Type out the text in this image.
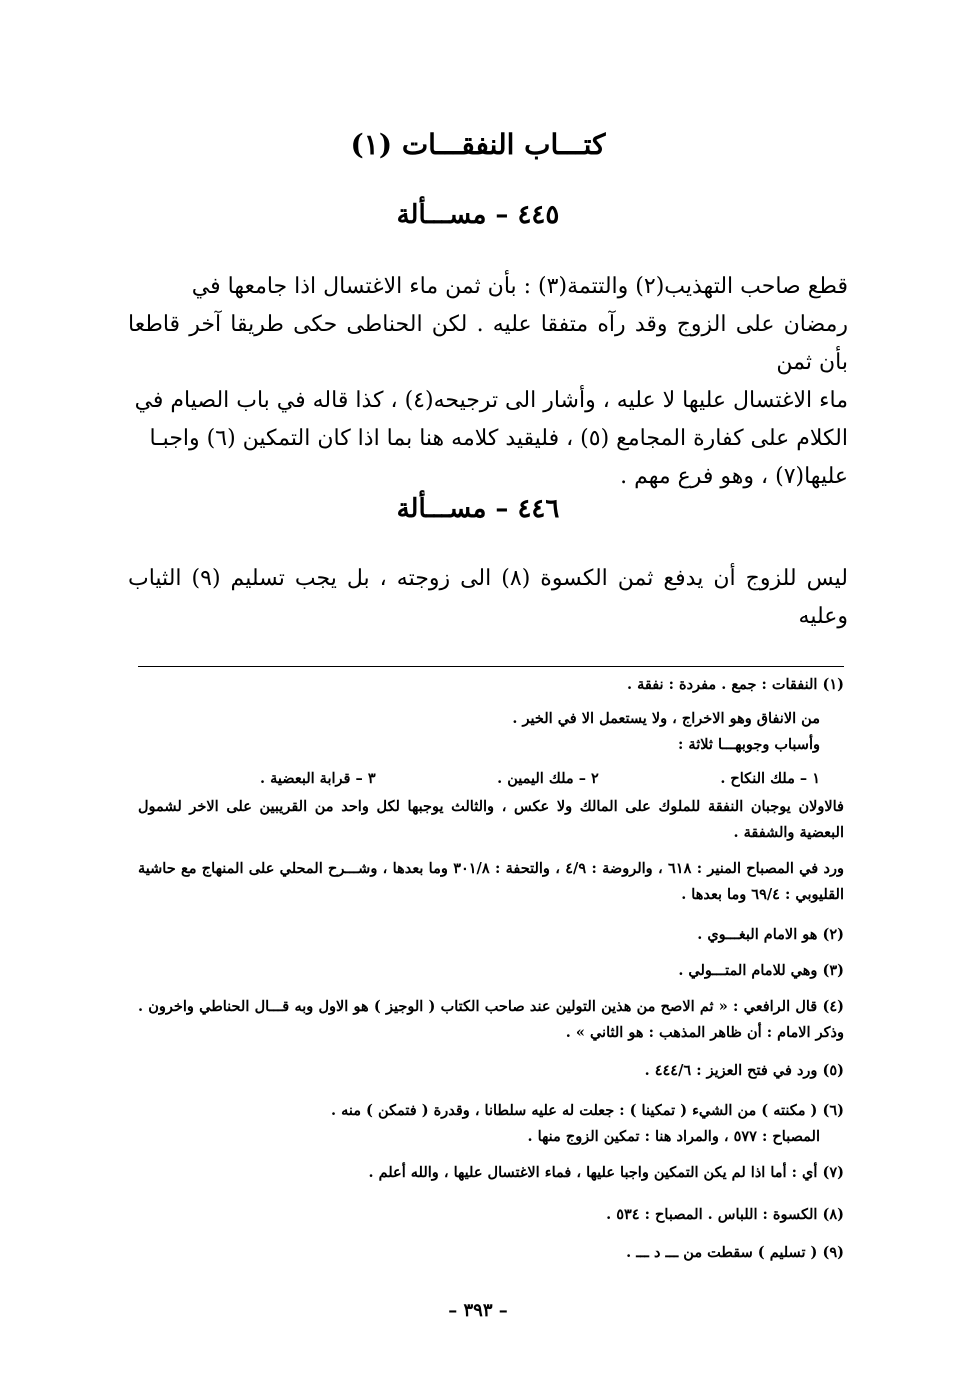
كتـــاب النفقـــات (١)
٤٤٥ – مســـألة
قطع صاحب التهذيب(٢) والتتمة(٣) : بأن ثمن ماء الاغتسال اذا جامعها في
رمضان على الزوج وقد رآه متفقا عليه . لكن الحناطى حكى طريقا آخر قاطعا بأن ثمن
ماء الاغتسال عليها لا عليه ، وأشار الى ترجيحه(٤) ، كذا قاله في باب الصيام في
الكلام على كفارة المجامع (٥) ، فليقيد كلامه هنا بما اذا كان التمكين (٦) واجبـا
عليها(٧) ، وهو فرع مهم .
٤٤٦ – مســـألة
ليس للزوج أن يدفع ثمن الكسوة (٨) الى زوجته ، بل يجب تسليم (٩) الثياب وعليه
(١) النفقات : جمع . مفردة : نفقة .
من الانفاق وهو الاخراج ، ولا يستعمل الا في الخير .
وأسباب وجوبهـــا ثلاثة :
١ – ملك النكاح .
٢ – ملك اليمين .
٣ – قرابة البعضية .
فالاولان يوجبان النفقة للملوك على المالك ولا عكس ، والثالث يوجبها لكل واحد من القريبين على الاخر لشمول البعضية والشفقة .
ورد في المصباح المنير : ٦١٨ ، والروضة : ٤/٩ ، والتحفة : ٣٠١/٨ وما بعدها ، وشـــرح المحلي على المنهاج مع حاشية القليوبي : ٦٩/٤ وما بعدها .
(٢) هو الامام البغـــوي .
(٣) وهي للامام المتـــولي .
(٤) قال الرافعي : « ثم الاصح من هذين التولين عند صاحب الكتاب ( الوجيز ) هو الاول وبه قـــال الحناطي واخرون . وذكر الامام : أن ظاهر المذهب : هو الثاني » .
(٥) ورد في فتح العزيز : ٤٤٤/٦ .
(٦) ( مكنته ) من الشيء ( تمكينا ) : جعلت له عليه سلطانا ، وقدرة ( فتمكن ) منه .
المصباح : ٥٧٧ ، والمراد هنا : تمكين الزوج منها .
(٧) أي : أما اذا لم يكن التمكين واجبا عليها ، فماء الاغتسال عليها ، والله أعلم .
(٨) الكسوة : اللباس . المصباح : ٥٣٤ .
(٩) ( تسليم ) سقطت من ـــ د ـــ .
– ٣٩٣ –
